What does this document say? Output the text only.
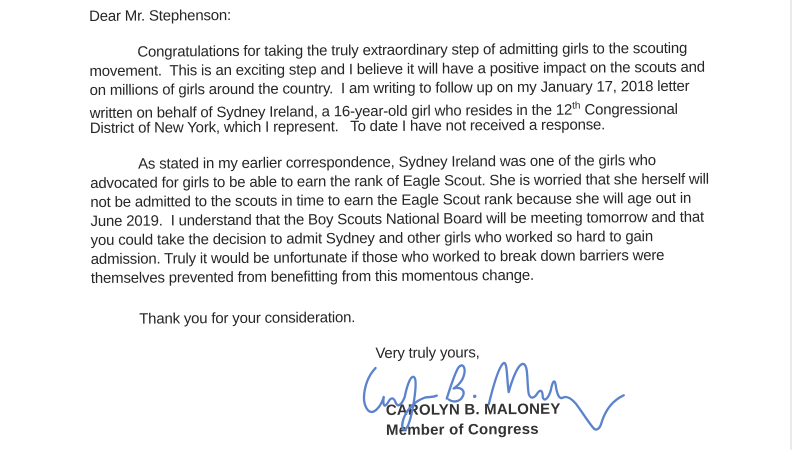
Dear Mr. Stephenson:
Congratulations for taking the truly extraordinary step of admitting girls to the scouting
movement.  This is an exciting step and I believe it will have a positive impact on the scouts and
on millions of girls around the country.  I am writing to follow up on my January 17, 2018 letter
written on behalf of Sydney Ireland, a 16-year-old girl who resides in the 12th Congressional
District of New York, which I represent.   To date I have not received a response.
As stated in my earlier correspondence, Sydney Ireland was one of the girls who
advocated for girls to be able to earn the rank of Eagle Scout. She is worried that she herself will
not be admitted to the scouts in time to earn the Eagle Scout rank because she will age out in
June 2019.  I understand that the Boy Scouts National Board will be meeting tomorrow and that
you could take the decision to admit Sydney and other girls who worked so hard to gain
admission. Truly it would be unfortunate if those who worked to break down barriers were
themselves prevented from benefitting from this momentous change.
Thank you for your consideration.
Very truly yours,
CAROLYN B. MALONEY
Member of Congress
